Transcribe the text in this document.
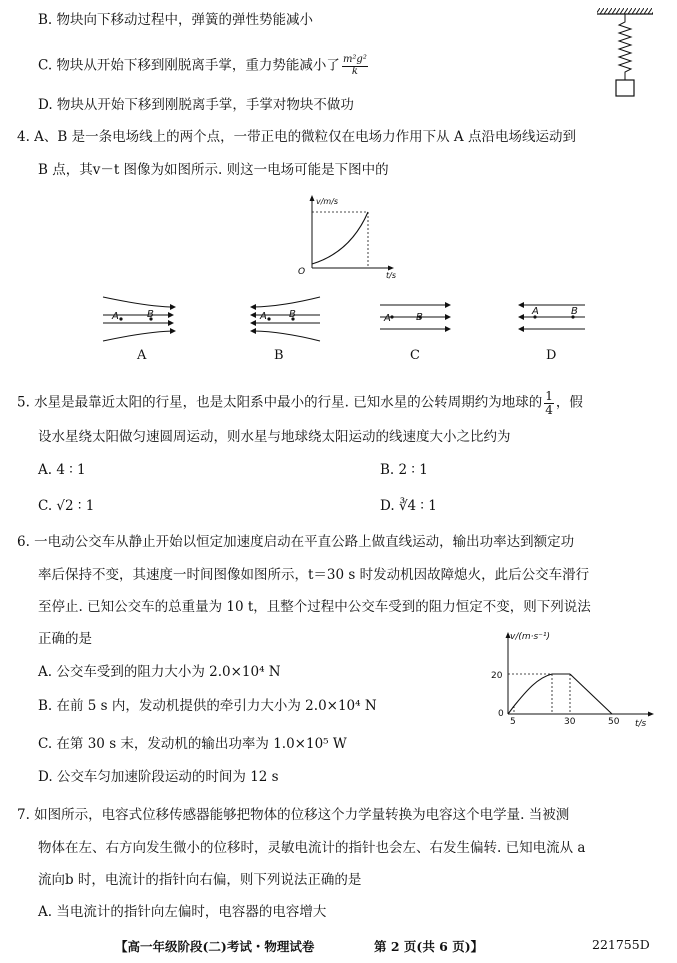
B. 物块向下移动过程中，弹簧的弹性势能减小
C. 物块从开始下移到刚脱离手掌，重力势能减小了 $\frac{\text{m²g²}}{k}$
D. 物块从开始下移到刚脱离手掌，手掌对物块不做功
4. A、B 是一条电场线上的两个点，一带正电的微粒仅在电场力作用下从 A 点沿电场线运动到
B 点，其v－t 图像为如图所示. 则这一电场可能是下图中的
v/m/s
O	t/s
A	B	A B	A	B
A	B
A	B	C	D
5. 水星是最靠近太阳的行星，也是太阳系中最小的行星. 已知水星的公转周期约为地球的 $\frac{1}{4}$ ，假
设水星绕太阳做匀速圆周运动，则水星与地球绕太阳运动的线速度大小之比约为
A. 4 ∶ 1	B. 2 ∶ 1
C. √2 ∶ 1	D. ∛4 ∶ 1
6. 一电动公交车从静止开始以恒定加速度启动在平直公路上做直线运动，输出功率达到额定功
率后保持不变，其速度一时间图像如图所示，t＝30 s 时发动机因故障熄火，此后公交车滑行
至停止. 已知公交车的总重量为 10 t，且整个过程中公交车受到的阻力恒定不变，则下列说法
正确的是
A. 公交车受到的阻力大小为 2.0×10⁴ N
B. 在前 5 s 内，发动机提供的牵引力大小为 2.0×10⁴ N
C. 在第 30 s 末，发动机的输出功率为 1.0×10⁵ W
D. 公交车匀加速阶段运动的时间为 12 s
v/(m·s⁻¹)
20
0
5	30	50 t/s
7. 如图所示，电容式位移传感器能够把物体的位移这个力学量转换为电容这个电学量. 当被测
物体在左、右方向发生微小的位移时，灵敏电流计的指针也会左、右发生偏转. 已知电流从 a
流向b 时，电流计的指针向右偏，则下列说法正确的是
A. 当电流计的指针向左偏时，电容器的电容增大
【高一年级阶段(二)考试・物理试卷	第 2 页(共 6 页)】	221755D
